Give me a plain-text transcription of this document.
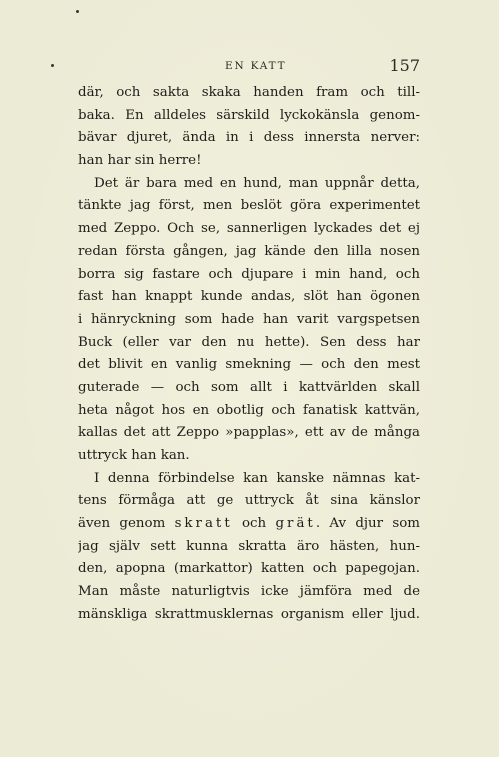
EN KATT	157
där, och sakta skaka handen fram och till-
baka. En alldeles särskild lyckokänsla genom-
bävar djuret, ända in i dess innersta nerver:
han har sin herre!
Det är bara med en hund, man uppnår detta,
tänkte jag först, men beslöt göra experimentet
med Zeppo. Och se, sannerligen lyckades det ej
redan första gången, jag kände den lilla nosen
borra sig fastare och djupare i min hand, och
fast han knappt kunde andas, slöt han ögonen
i hänryckning som hade han varit vargspetsen
Buck (eller var den nu hette). Sen dess har
det blivit en vanlig smekning — och den mest
guterade — och som allt i kattvärlden skall
heta något hos en obotlig och fanatisk kattvän,
kallas det att Zeppo »papplas», ett av de många
uttryck han kan.
I denna förbindelse kan kanske nämnas kat-
tens förmåga att ge uttryck åt sina känslor
även genom skratt och grät. Av djur som
jag själv sett kunna skratta äro hästen, hun-
den, apорna (markattor) katten och papegojan.
Man måste naturligtvis icke jämföra med de
mänskliga skrattmusklernas organism eller ljud.
